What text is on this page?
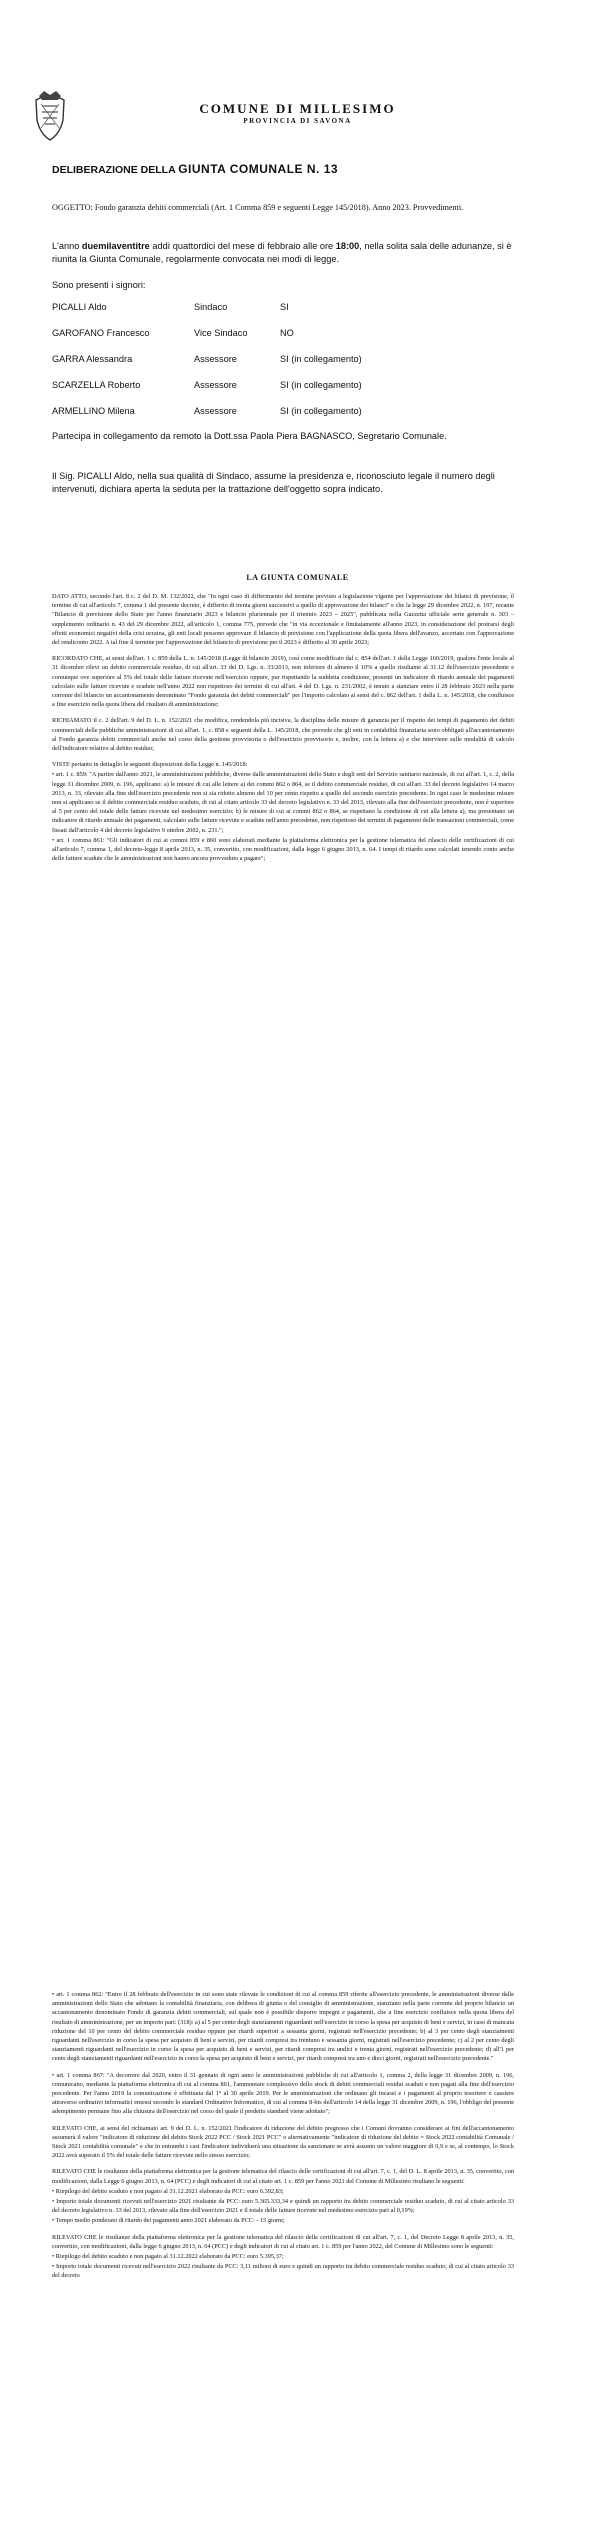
COMUNE DI MILLESIMO
PROVINCIA DI SAVONA
DELIBERAZIONE DELLA GIUNTA COMUNALE N. 13
OGGETTO: Fondo garanzia debiti commerciali (Art. 1 Comma 859 e seguenti Legge 145/2018). Anno 2023. Provvedimenti.
L'anno duemilaventitre addì quattordici del mese di febbraio alle ore 18:00, nella solita sala delle adunanze, si è riunita la Giunta Comunale, regolarmente convocata nei modi di legge.
Sono presenti i signori:
PICALLI Aldo	Sindaco	SI
GAROFANO Francesco	Vice Sindaco	NO
GARRA Alessandra	Assessore	SI (in collegamento)
SCARZELLA Roberto	Assessore	SI (in collegamento)
ARMELLINO Milena	Assessore	SI (in collegamento)
Partecipa in collegamento da remoto la Dott.ssa Paola Piera BAGNASCO, Segretario Comunale.
Il Sig. PICALLI Aldo, nella sua qualità di Sindaco, assume la presidenza e, riconosciuto legale il numero degli intervenuti, dichiara aperta la seduta per la trattazione dell'oggetto sopra indicato.
LA GIUNTA COMUNALE

DATO ATTO, secondo l'art. 8 c. 2 del D. M. 132/2022, che "In ogni caso di differimento del termine previsto a legislazione vigente per l'approvazione dei bilanci di previsione, il termine di cui all'articolo 7, comma 1 del presente decreto, è differito di trenta giorni successivi a quello di approvazione dei bilanci" e che la legge 29 dicembre 2022, n. 197, recante "Bilancio di previsione dello Stato per l'anno finanziario 2023 e bilancio pluriennale per il triennio 2023 – 2025", pubblicata nella Gazzetta ufficiale serie generale n. 303 – supplemento ordinario n. 43 del 29 dicembre 2022, all'articolo 1, comma 775, prevede che "in via eccezionale e limitatamente all'anno 2023, in considerazione del protrarsi degli effetti economici negativi della crisi ucraina, gli enti locali possono approvare il bilancio di previsione con l'applicazione della quota libera dell'avanzo, accertato con l'approvazione del rendiconto 2022. A tal fine il termine per l'approvazione del bilancio di previsione per il 2023 è differito al 30 aprile 2023;

RICORDATO CHE, ai sensi dell'art. 1 c. 859 della L. n. 145/2018 (Legge di bilancio 2019), così come modificato dal c. 854 dell'art. 1 della Legge 160/2019, qualora l'ente locale al 31 dicembre rilevi un debito commerciale residuo, di cui all'art. 33 del D. Lgs. n. 33/2013, non inferiore di almeno il 10% a quello risultante al 31.12 dell'esercizio precedente e comunque ove superiore al 5% del totale delle fatture ricevute nell'esercizio oppure, pur rispettando la suddetta condizione, presenti un indicatore di ritardo annuale dei pagamenti calcolato sulle fatture ricevute e scadute nell'anno 2022 non rispettoso dei termini di cui all'art. 4 del D. Lgs. n. 231/2002, è tenuto a stanziare entro il 28 febbraio 2023 nella parte corrente del bilancio un accantonamento denominato "Fondo garanzia dei debiti commerciali" per l'importo calcolato ai sensi del c. 862 dell'art. 1 della L. n. 145/2018, che confluisce a fine esercizio nella quota libera del risultato di amministrazione;

RICHIAMATO il c. 2 dell'art. 9 del D. L. n. 152/2021 che modifica, rendendola più incisiva, la disciplina delle misure di garanzia per il rispetto dei tempi di pagamento dei debiti commerciali delle pubbliche amministrazioni di cui all'art. 1, c. 858 e seguenti della L. 145/2018, che prevede che gli enti in contabilità finanziaria sono obbligati all'accantonamento al Fondo garanzia debiti commerciali anche nel corso della gestione provvisoria o dell'esercizio provvisorio e, inoltre, con la lettera a) e che interviene sulle modalità di calcolo dell'indicatore relativo al debito residuo;

VISTE pertanto in dettaglio le seguenti disposizioni della Legge n. 145/2018:

• art. 1 c. 859: "A partire dall'anno 2021, le amministrazioni pubbliche, diverse dalle amministrazioni dello Stato e degli enti del Servizio sanitario nazionale, di cui all'art. 1, c. 2, della legge 31 dicembre 2009, n. 196, applicano: a) le misure di cui alle lettere a) dei commi 862 o 864, se il debito commerciale residuo, di cui all'art. 33 del decreto legislativo 14 marzo 2013, n. 33, rilevato alla fine dell'esercizio precedente non si sia ridotto almeno del 10 per cento rispetto a quello del secondo esercizio precedente. In ogni caso le medesime misure non si applicano se il debito commerciale residuo scaduto, di cui al citato articolo 33 del decreto legislativo n. 33 del 2013, rilevato alla fine dell'esercizio precedente, non è superiore al 5 per cento del totale delle fatture ricevute nel medesimo esercizio; b) le misure di cui ai commi 862 o 864, se rispettano la condizione di cui alla lettera a), ma presentano un indicatore di ritardo annuale dei pagamenti, calcolato sulle fatture ricevute e scadute nell'anno precedente, non rispettoso dei termini di pagamento delle transazioni commerciali, come fissati dall'articolo 4 del decreto legislativo 9 ottobre 2002, n. 231.";

• art. 1 comma 861: "Gli indicatori di cui ai commi 859 e 860 sono elaborati mediante la piattaforma elettronica per la gestione telematica del rilascio delle certificazioni di cui all'articolo 7, comma 1, del decreto-legge 8 aprile 2013, n. 35, convertito, con modificazioni, dalla legge 6 giugno 2013, n. 64. I tempi di ritardo sono calcolati tenendo conto anche delle fatture scadute che le amministrazioni non hanno ancora provveduto a pagare";

• art. 1 comma 862: "Entro il 28 febbraio dell'esercizio in cui sono state rilevate le condizioni di cui al comma 859 riferite all'esercizio precedente, le amministrazioni diverse dalle amministrazioni dello Stato che adottano la contabilità finanziaria, con delibera di giunta o del consiglio di amministrazione, stanziano nella parte corrente del proprio bilancio un accantonamento denominato Fondo di garanzia debiti commerciali, sul quale non è possibile disporre impegni e pagamenti, che a fine esercizio confluisce nella quota libera del risultato di amministrazione, per un importo pari: (318): a) al 5 per cento degli stanziamenti riguardanti nell'esercizio in corso la spesa per acquisto di beni e servizi, in caso di mancata riduzione del 10 per cento del debito commerciale residuo oppure per ritardi superiori a sessanta giorni, registrati nell'esercizio precedente; b) al 3 per cento degli stanziamenti riguardanti nell'esercizio in corso la spesa per acquisto di beni e servizi, per ritardi compresi tra trentuno e sessanta giorni, registrati nell'esercizio precedente; c) al 2 per cento degli stanziamenti riguardanti nell'esercizio in corso la spesa per acquisto di beni e servizi, per ritardi compresi tra undici e trenta giorni, registrati nell'esercizio precedente; d) all'1 per cento degli stanziamenti riguardanti nell'esercizio in corso la spesa per acquisto di beni e servizi, per ritardi compresi tra uno e dieci giorni, registrati nell'esercizio precedente."

• art. 1 comma 867: "A decorrere dal 2020, entro il 31 gennaio di ogni anno le amministrazioni pubbliche di cui all'articolo 1, comma 2, della legge 31 dicembre 2009, n. 196, comunicano, mediante la piattaforma elettronica di cui al comma 861, l'ammontare complessivo dello stock di debiti commerciali residui scaduti e non pagati alla fine dell'esercizio precedente. Per l'anno 2019 la comunicazione è effettuata dal 1° al 30 aprile 2019. Per le amministrazioni che ordinano gli incassi e i pagamenti al proprio tesoriere o cassiere attraverso ordinativi informatici emessi secondo lo standard Ordinativo Informatico, di cui al comma 8-bis dell'articolo 14 della legge 31 dicembre 2009, n. 196, l'obbligo del presente adempimento permane fino alla chiusura dell'esercizio nel corso del quale il predetto standard viene adottato";

RILEVATO CHE, ai sensi del richiamato art. 9 del D. L. n. 152/2021 l'indicatore di riduzione del debito pregresso che i Comuni dovranno considerare ai fini dell'accantonamento assumerà il valore "indicatore di riduzione del debito Stock 2022 PCC / Stock 2021 PCC" o alternativamente "indicatore di riduzione del debito = Stock 2022 contabilità Comunale / Stock 2021 contabilità comunale" e che in entrambi i casi l'indicatore individuerà una situazione da sanzionare se avrà assunto un valore maggiore di 0,9 e se, al contempo, lo Stock 2022 avrà superato il 5% del totale delle fatture ricevute nello stesso esercizio;

RILEVATO CHE le risultanze della piattaforma elettronica per la gestione telematica del rilascio delle certificazioni di cui all'art. 7, c. 1, del D. L. 8 aprile 2013, n. 35, convertito, con modificazioni, dalla Legge 6 giugno 2013, n. 64 (PCC) e degli indicatori di cui al citato art. 1 c. 859 per l'anno 2021 del Comune di Millesimo risultano le seguenti:

• Riepilogo del debito scaduto e non pagato al 31.12.2021 elaborato da PCC: euro 6.392,83;

• Importo totale documenti ricevuti nell'esercizio 2021 risultante da PCC: euro 5.365.333,34 e quindi un rapporto tra debito commerciale residuo scaduto, di cui al citato articolo 33 del decreto legislativo n. 33 del 2013, rilevato alla fine dell'esercizio 2021 e il totale delle fatture ricevute nel medesimo esercizio pari al 0,19%;

• Tempo medio ponderato di ritardo dei pagamenti anno 2021 elaborato da PCC: - 15 giorni;

RILEVATO CHE le risultanze della piattaforma elettronica per la gestione telematica del rilascio delle certificazioni di cui all'art. 7, c. 1, del Decreto Legge 8 aprile 2013, n. 35, convertito, con modificazioni, dalla legge 6 giugno 2013, n. 64 (PCC) e degli indicatori di cui al citato art. 1 c. 859 per l'anno 2022, del Comune di Millesimo sono le seguenti:

• Riepilogo del debito scaduto e non pagato al 31.12.2022 elaborato da PCC: euro 5.395,37;

• Importo totale documenti ricevuti nell'esercizio 2022 risultante da PCC: 3,11 milioni di euro e quindi un rapporto tra debito commerciale residuo scaduto, di cui al citato articolo 33 del decreto
